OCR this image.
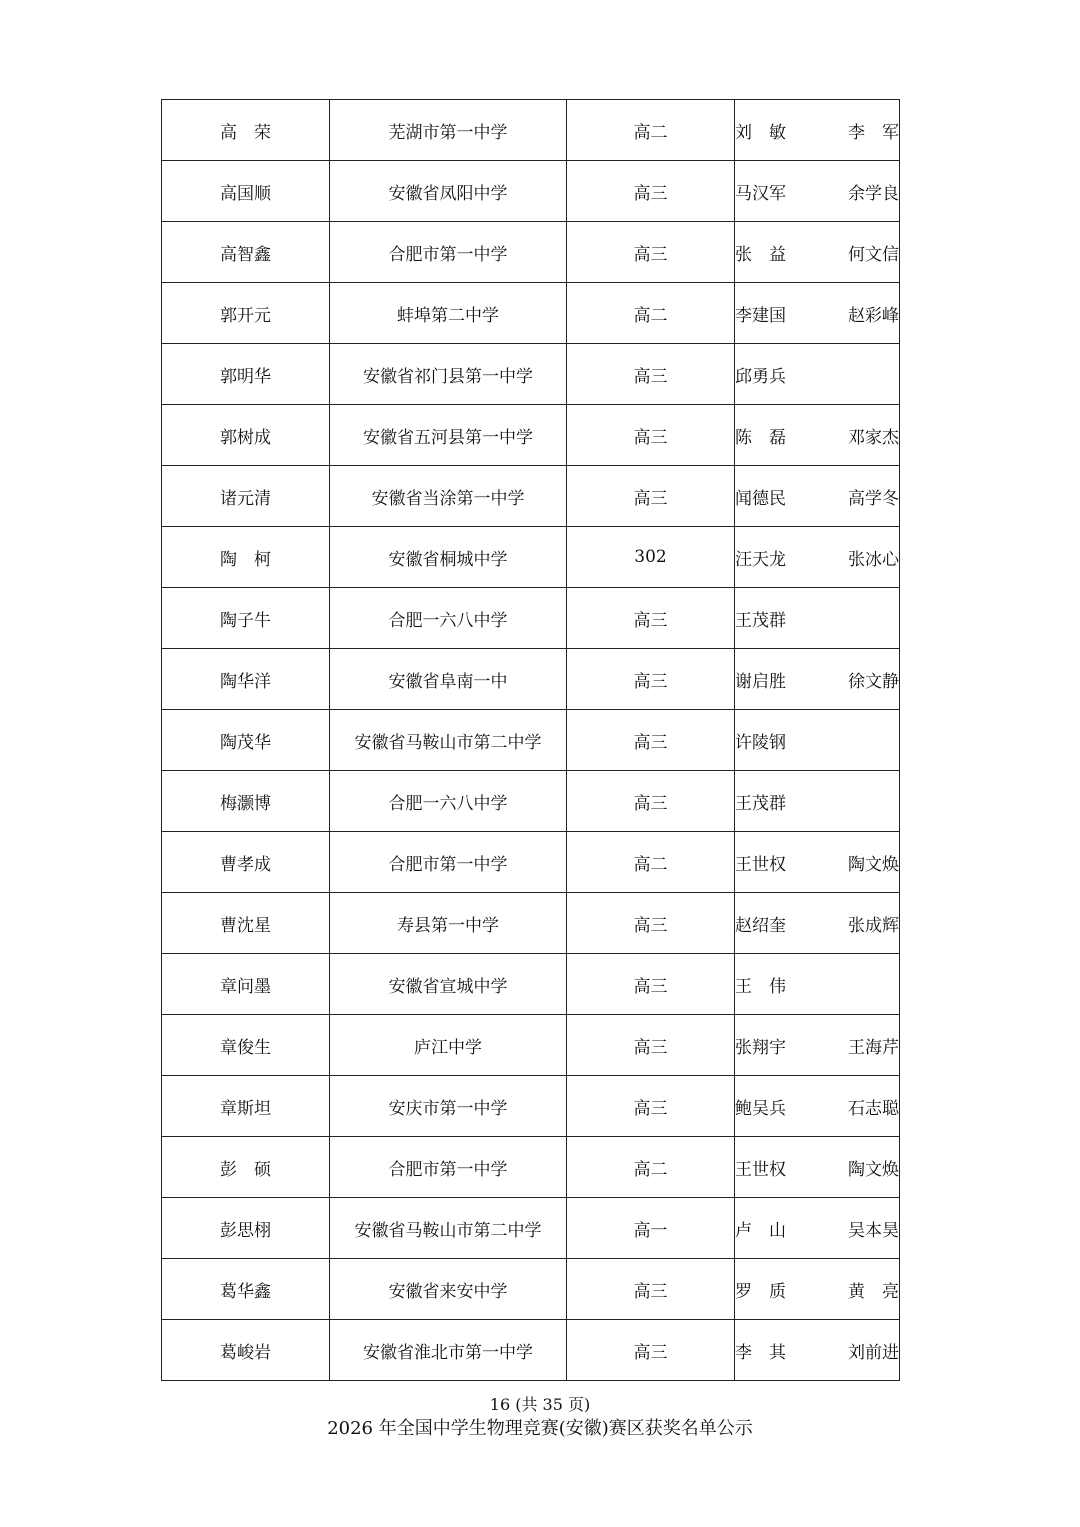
高　荣	芜湖市第一中学	高二	刘　敏 李　军

高国顺	安徽省凤阳中学	高三	马汉军 余学良

高智鑫	合肥市第一中学	高三	张　益 何文信

郭开元	蚌埠第二中学	高二	李建国 赵彩峰

郭明华	安徽省祁门县第一中学	高三	邱勇兵

郭树成	安徽省五河县第一中学	高三	陈　磊 邓家杰

诸元清	安徽省当涂第一中学	高三	闻德民 高学冬

陶　柯	安徽省桐城中学	302	汪天龙 张冰心

陶子牛	合肥一六八中学	高三	王茂群

陶华洋	安徽省阜南一中	高三	谢启胜 徐文静

陶茂华	安徽省马鞍山市第二中学	高三	许陵钢

梅灏博	合肥一六八中学	高三	王茂群

曹孝成	合肥市第一中学	高二	王世权 陶文焕

曹沈星	寿县第一中学	高三	赵绍奎 张成辉

章问墨	安徽省宣城中学	高三	王　伟

章俊生	庐江中学	高三	张翔宇 王海芹

章斯坦	安庆市第一中学	高三	鲍吴兵 石志聪

彭　硕	合肥市第一中学	高二	王世权 陶文焕

彭思栩	安徽省马鞍山市第二中学	高一	卢　山 吴本昊

葛华鑫	安徽省来安中学	高三	罗　质 黄　亮

葛峻岩	安徽省淮北市第一中学	高三	李　其 刘前进
16 (共 35 页)
2026 年全国中学生物理竞赛(安徽)赛区获奖名单公示
